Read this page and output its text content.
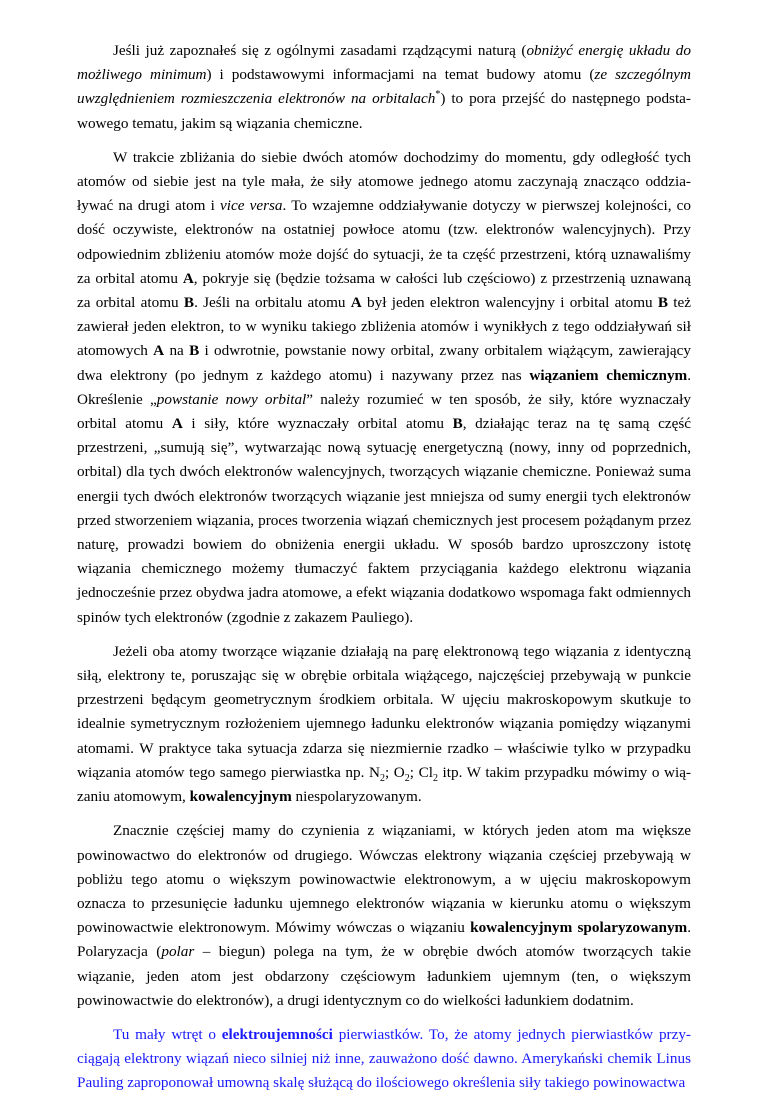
Jeśli już zapoznałeś się z ogólnymi zasadami rządzącymi naturą (obniżyć energię układu do możliwego minimum) i podstawowymi informacjami na temat budowy atomu (ze szczególnym uwzględnieniem rozmieszczenia elektronów na orbitalach*) to pora przejść do następnego podsta-wowego tematu, jakim są wiązania chemiczne.

W trakcie zbliżania do siebie dwóch atomów dochodzimy do momentu, gdy odległość tych atomów od siebie jest na tyle mała, że siły atomowe jednego atomu zaczynają znacząco oddzia-ływać na drugi atom i vice versa. To wzajemne oddziaływanie dotyczy w pierwszej kolejności, co dość oczywiste, elektronów na ostatniej powłoce atomu (tzw. elektronów walencyjnych). Przy odpowiednim zbliżeniu atomów może dojść do sytuacji, że ta część przestrzeni, którą uznawaliśmy za orbital atomu A, pokryje się (będzie tożsama w całości lub częściowo) z przestrzenią uznawaną za orbital atomu B. Jeśli na orbitalu atomu A był jeden elektron walencyjny i orbital atomu B też zawierał jeden elektron, to w wyniku takiego zbliżenia atomów i wynikłych z tego oddziaływań sił atomowych A na B i odwrotnie, powstanie nowy orbital, zwany orbitalem wiążącym, zawierający dwa elektrony (po jednym z każdego atomu) i nazywany przez nas wiązaniem chemicznym. Określenie „powstanie nowy orbital” należy rozumieć w ten sposób, że siły, które wyznaczały orbital atomu A i siły, które wyznaczały orbital atomu B, działając teraz na tę samą część przestrzeni, „sumują się”, wytwarzając nową sytuację energetyczną (nowy, inny od poprzednich, orbital) dla tych dwóch elektronów walencyjnych, tworzących wiązanie chemiczne. Ponieważ suma energii tych dwóch elektronów tworzących wiązanie jest mniejsza od sumy energii tych elektronów przed stworzeniem wiązania, proces tworzenia wiązań chemicznych jest procesem pożądanym przez naturę, prowadzi bowiem do obniżenia energii układu. W sposób bardzo uproszczony istotę wiązania chemicznego możemy tłumaczyć faktem przyciągania każdego elektronu wiązania jednocześnie przez obydwa jadra atomowe, a efekt wiązania dodatkowo wspomaga fakt odmiennych spinów tych elektronów (zgodnie z zakazem Pauliego).

Jeżeli oba atomy tworzące wiązanie działają na parę elektronową tego wiązania z identyczną siłą, elektrony te, poruszając się w obrębie orbitala wiążącego, najczęściej przebywają w punkcie przestrzeni będącym geometrycznym środkiem orbitala. W ujęciu makroskopowym skutkuje to idealnie symetrycznym rozłożeniem ujemnego ładunku elektronów wiązania pomiędzy wiązanymi atomami. W praktyce taka sytuacja zdarza się niezmiernie rzadko – właściwie tylko w przypadku wiązania atomów tego samego pierwiastka np. $N_2$; $O_2$; $Cl_2$ itp. W takim przypadku mówimy o wią-zaniu atomowym, kowalencyjnym niespolaryzowanym.

Znacznie częściej mamy do czynienia z wiązaniami, w których jeden atom ma większe powinowactwo do elektronów od drugiego. Wówczas elektrony wiązania częściej przebywają w pobliżu tego atomu o większym powinowactwie elektronowym, a w ujęciu makroskopowym oznacza to przesunięcie ładunku ujemnego elektronów wiązania w kierunku atomu o większym powinowactwie elektronowym. Mówimy wówczas o wiązaniu kowalencyjnym spolaryzowanym. Polaryzacja (polar – biegun) polega na tym, że w obrębie dwóch atomów tworzących takie wiązanie, jeden atom jest obdarzony częściowym ładunkiem ujemnym (ten, o większym powinowactwie do elektronów), a drugi identycznym co do wielkości ładunkiem dodatnim.

Tu mały wtręt o elektroujemności pierwiastków. To, że atomy jednych pierwiastków przy-ciągają elektrony wiązań nieco silniej niż inne, zauważono dość dawno. Amerykański chemik Linus Pauling zaproponował umowną skalę służącą do ilościowego określenia siły takiego powinowactwa
